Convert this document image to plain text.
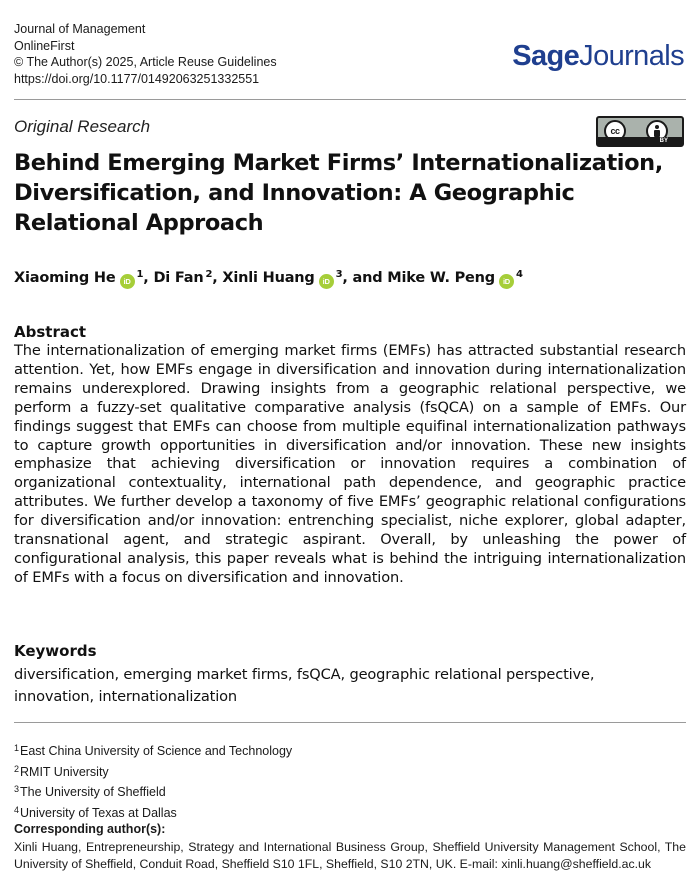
Journal of Management
OnlineFirst
© The Author(s) 2025, Article Reuse Guidelines
https://doi.org/10.1177/01492063251332551
SageJournals
Original Research	cc
BY
Behind Emerging Market Firms’ Internationalization, Diversification, and Innovation: A Geographic Relational Approach
Xiaoming He $iD^1$, Di Fan $^2$, Xinli Huang $iD^3$, and Mike W. Peng $iD^4$
Abstract

The internationalization of emerging market firms (EMFs) has attracted substantial research attention. Yet, how EMFs engage in diversification and innovation during internationalization remains underexplored. Drawing insights from a geographic relational perspective, we perform a fuzzy-set qualitative comparative analysis (fsQCA) on a sample of EMFs. Our findings suggest that EMFs can choose from multiple equifinal internationalization pathways to capture growth opportunities in diversification and/or innovation. These new insights emphasize that achieving diversification or innovation requires a combination of organizational contextuality, international path dependence, and geographic practice attributes. We further develop a taxonomy of five EMFs’ geographic relational configurations for diversification and/or innovation: entrenching specialist, niche explorer, global adapter, transnational agent, and strategic aspirant. Overall, by unleashing the power of configurational analysis, this paper reveals what is behind the intriguing internationalization of EMFs with a focus on diversification and innovation.

Keywords

diversification, emerging market firms, fsQCA, geographic relational perspective, innovation, internationalization

$^1$East China University of Science and Technology
$^2$RMIT University
$^3$The University of Sheffield
$^4$University of Texas at Dallas
Corresponding author(s):

Xinli Huang, Entrepreneurship, Strategy and International Business Group, Sheffield University Management School, The University of Sheffield, Conduit Road, Sheffield S10 1FL, Sheffield, S10 2TN, UK. E-mail: xinli.huang@sheffield.ac.uk
